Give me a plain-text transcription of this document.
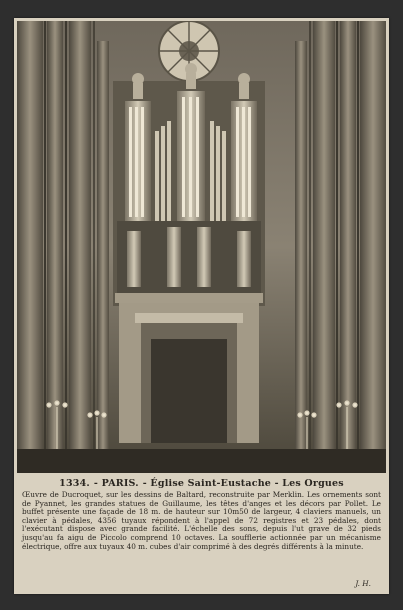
1334. - PARIS. - Église Saint-Eustache - Les Orgues

Œuvre de Ducroquet, sur les dessins de Baltard, reconstruite par Merklin. Les ornements sont de Pyannet, les grandes statues de Guillaume, les têtes d'anges et les décors par Pollet. Le buffet présente une façade de 18 m. de hauteur sur 10m50 de largeur, 4 claviers manuels, un clavier à pédales, 4356 tuyaux répondent à l'appel de 72 registres et 23 pédales, dont l'exécutant dispose avec grande facilité. L'échelle des sons, depuis l'ut grave de 32 pieds jusqu'au fa aigu de Piccolo comprend 10 octaves. La soufflerie actionnée par un mécanisme électrique, offre aux tuyaux 40 m. cubes d'air comprimé à des degrés différents à la minute.

J. H.
